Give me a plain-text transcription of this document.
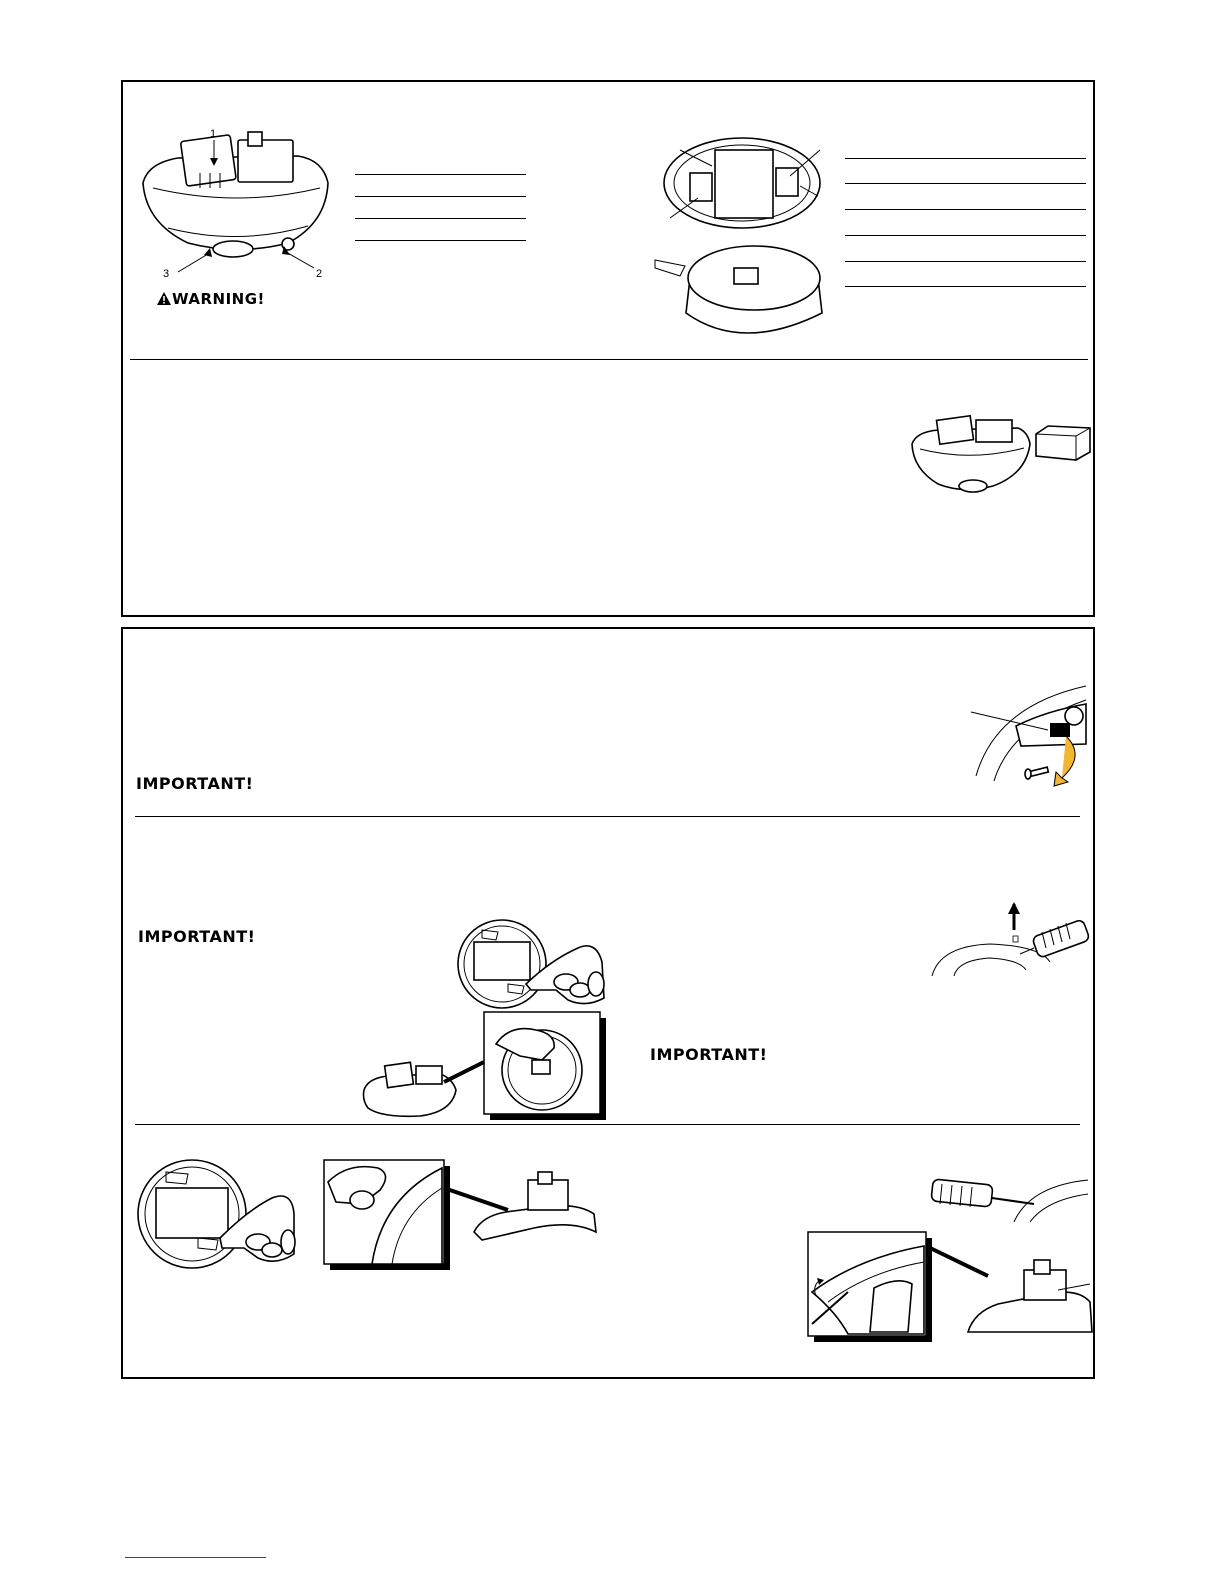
1
2
3
WARNING!
IMPORTANT!
IMPORTANT!
IMPORTANT!
